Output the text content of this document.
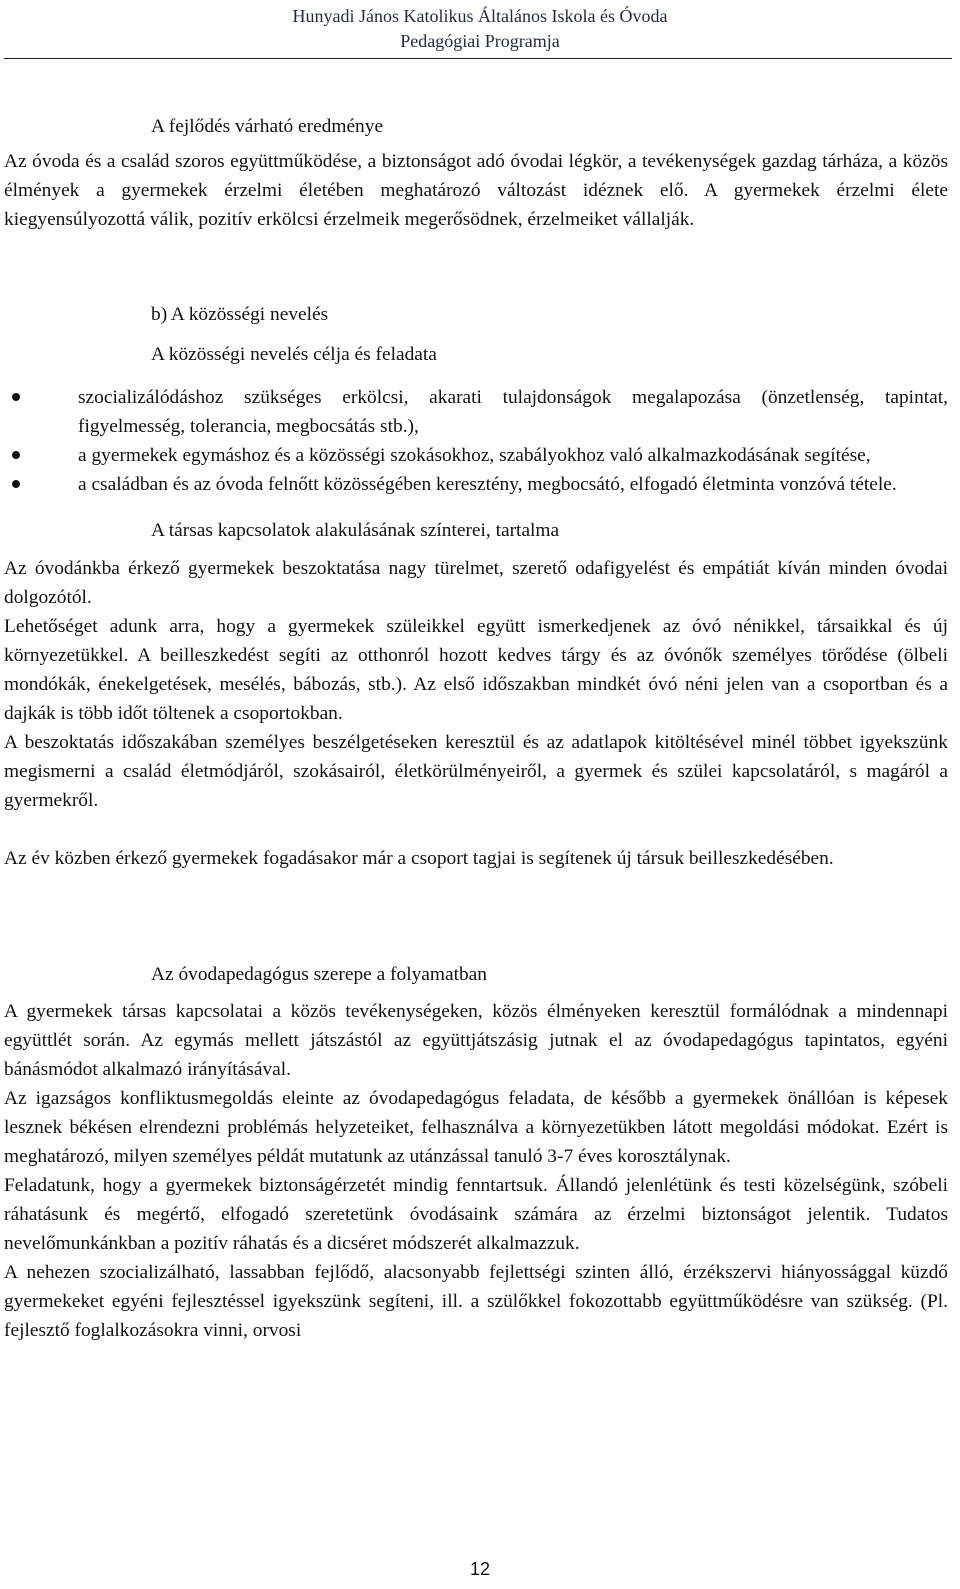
Hunyadi János Katolikus Általános Iskola és Óvoda
Pedagógiai Programja
A fejlődés várható eredménye

Az óvoda és a család szoros együttműködése, a biztonságot adó óvodai légkör, a tevékenységek gazdag tárháza, a közös élmények a gyermekek érzelmi életében meghatározó változást idéznek elő. A gyermekek érzelmi élete kiegyensúlyozottá válik, pozitív erkölcsi érzelmeik megerősödnek, érzelmeiket vállalják.

b) A közösségi nevelés
A közösségi nevelés célja és feladata
szocializálódáshoz szükséges erkölcsi, akarati tulajdonságok megalapozása (önzetlenség, tapintat, figyelmesség, tolerancia, megbocsátás stb.),
a gyermekek egymáshoz és a közösségi szokásokhoz, szabályokhoz való alkalmazkodásának segítése,
a családban és az óvoda felnőtt közösségében keresztény, megbocsátó, elfogadó életminta vonzóvá tétele.
A társas kapcsolatok alakulásának színterei, tartalma

Az óvodánkba érkező gyermekek beszoktatása nagy türelmet, szerető odafigyelést és empátiát kíván minden óvodai dolgozótól.

Lehetőséget adunk arra, hogy a gyermekek szüleikkel együtt ismerkedjenek az óvó nénikkel, társaikkal és új környezetükkel. A beilleszkedést segíti az otthonról hozott kedves tárgy és az óvónők személyes törődése (ölbeli mondókák, énekelgetések, mesélés, bábozás, stb.). Az első időszakban mindkét óvó néni jelen van a csoportban és a dajkák is több időt töltenek a csoportokban.

A beszoktatás időszakában személyes beszélgetéseken keresztül és az adatlapok kitöltésével minél többet igyekszünk megismerni a család életmódjáról, szokásairól, életkörülményeiről, a gyermek és szülei kapcsolatáról, s magáról a gyermekről.

Az év közben érkező gyermekek fogadásakor már a csoport tagjai is segítenek új társuk beilleszkedésében.

Az óvodapedagógus szerepe a folyamatban

A gyermekek társas kapcsolatai a közös tevékenységeken, közös élményeken keresztül formálódnak a mindennapi együttlét során. Az egymás mellett játszástól az együttjátszásig jutnak el az óvodapedagógus tapintatos, egyéni bánásmódot alkalmazó irányításával.

Az igazságos konfliktusmegoldás eleinte az óvodapedagógus feladata, de később a gyermekek önállóan is képesek lesznek békésen elrendezni problémás helyzeteiket, felhasználva a környezetükben látott megoldási módokat. Ezért is meghatározó, milyen személyes példát mutatunk az utánzással tanuló 3-7 éves korosztálynak.

Feladatunk, hogy a gyermekek biztonságérzetét mindig fenntartsuk. Állandó jelenlétünk és testi közelségünk, szóbeli ráhatásunk és megértő, elfogadó szeretetünk óvodásaink számára az érzelmi biztonságot jelentik. Tudatos nevelőmunkánkban a pozitív ráhatás és a dicséret módszerét alkalmazzuk.

A nehezen szocializálható, lassabban fejlődő, alacsonyabb fejlettségi szinten álló, érzékszervi hiányossággal küzdő gyermekeket egyéni fejlesztéssel igyekszünk segíteni, ill. a szülőkkel fokozottabb együttműködésre van szükség. (Pl. fejlesztő foglalkozásokra vinni, orvosi

12
